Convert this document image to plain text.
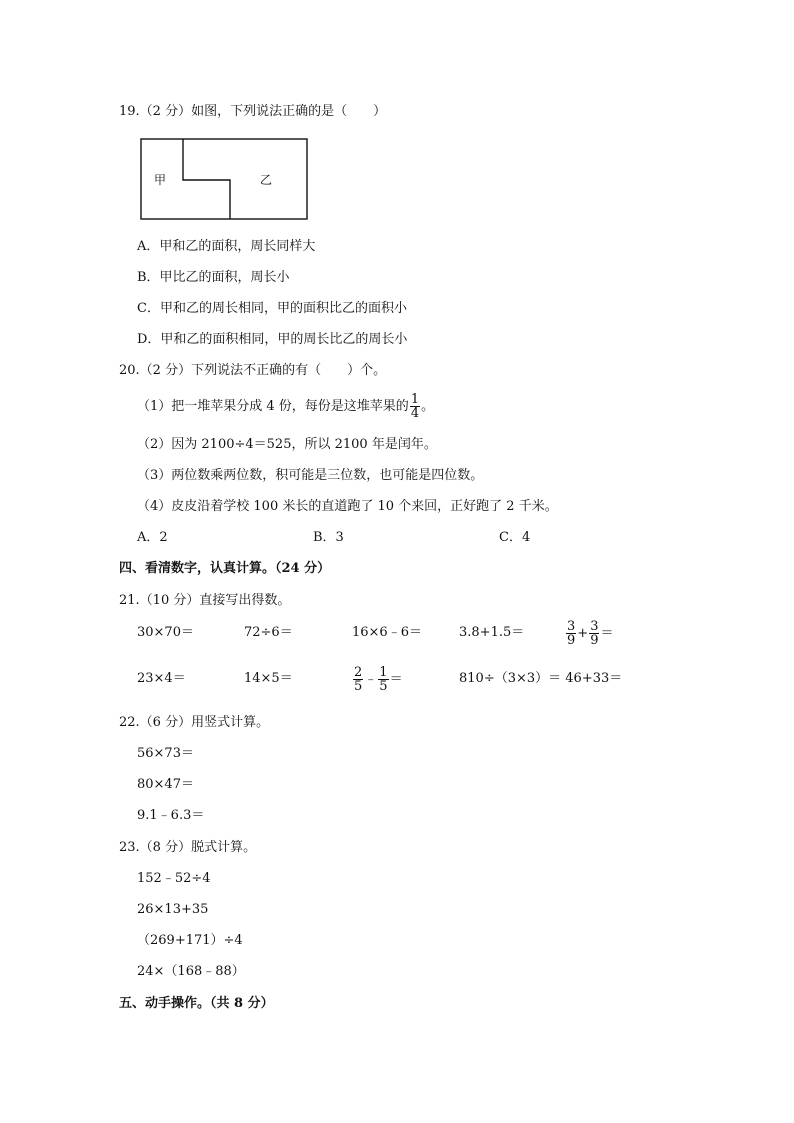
19.（2 分）如图，下列说法正确的是（　　）
甲	乙
A．甲和乙的面积，周长同样大
B．甲比乙的面积，周长小
C．甲和乙的周长相同，甲的面积比乙的面积小
D．甲和乙的面积相同，甲的周长比乙的周长小
20.（2 分）下列说法不正确的有（　　）个。
（1）把一堆苹果分成 4 份，每份是这堆苹果的 $\frac{1}{4}$ 。
（2）因为 2100÷4＝525，所以 2100 年是闰年。
（3）两位数乘两位数，积可能是三位数，也可能是四位数。
（4）皮皮沿着学校 100 米长的直道跑了 10 个来回，正好跑了 2 千米。
A．2	B．3	C．4
四、看清数字，认真计算。（24 分）
21.（10 分）直接写出得数。
30×70＝	72÷6＝	16×6﹣6＝	3.8+1.5＝	$\frac{3}{9} + \frac{3}{9}$ ＝
23×4＝	14×5＝	$\frac{2}{5}$ ﹣ $\frac{1}{5}$ ＝	810÷（3×3）＝ 46+33＝
22.（6 分）用竖式计算。
56×73＝
80×47＝
9.1﹣6.3＝
23.（8 分）脱式计算。
152﹣52÷4
26×13+35
（269+171）÷4
24×（168﹣88）
五、动手操作。（共 8 分）
